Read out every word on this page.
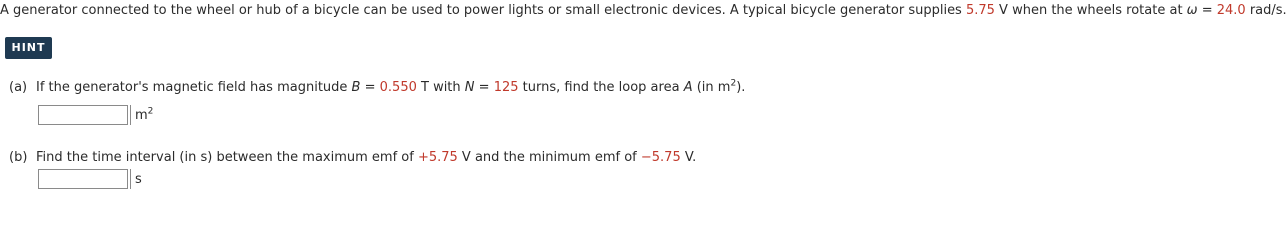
A generator connected to the wheel or hub of a bicycle can be used to power lights or small electronic devices. A typical bicycle generator supplies 5.75 V when the wheels rotate at ω = 24.0 rad/s.
HINT
(a) If the generator's magnetic field has magnitude B = 0.550 T with N = 125 turns, find the loop area A (in $m^2$).
$m^2$
(b) Find the time interval (in s) between the maximum emf of +5.75 V and the minimum emf of −5.75 V.
s
